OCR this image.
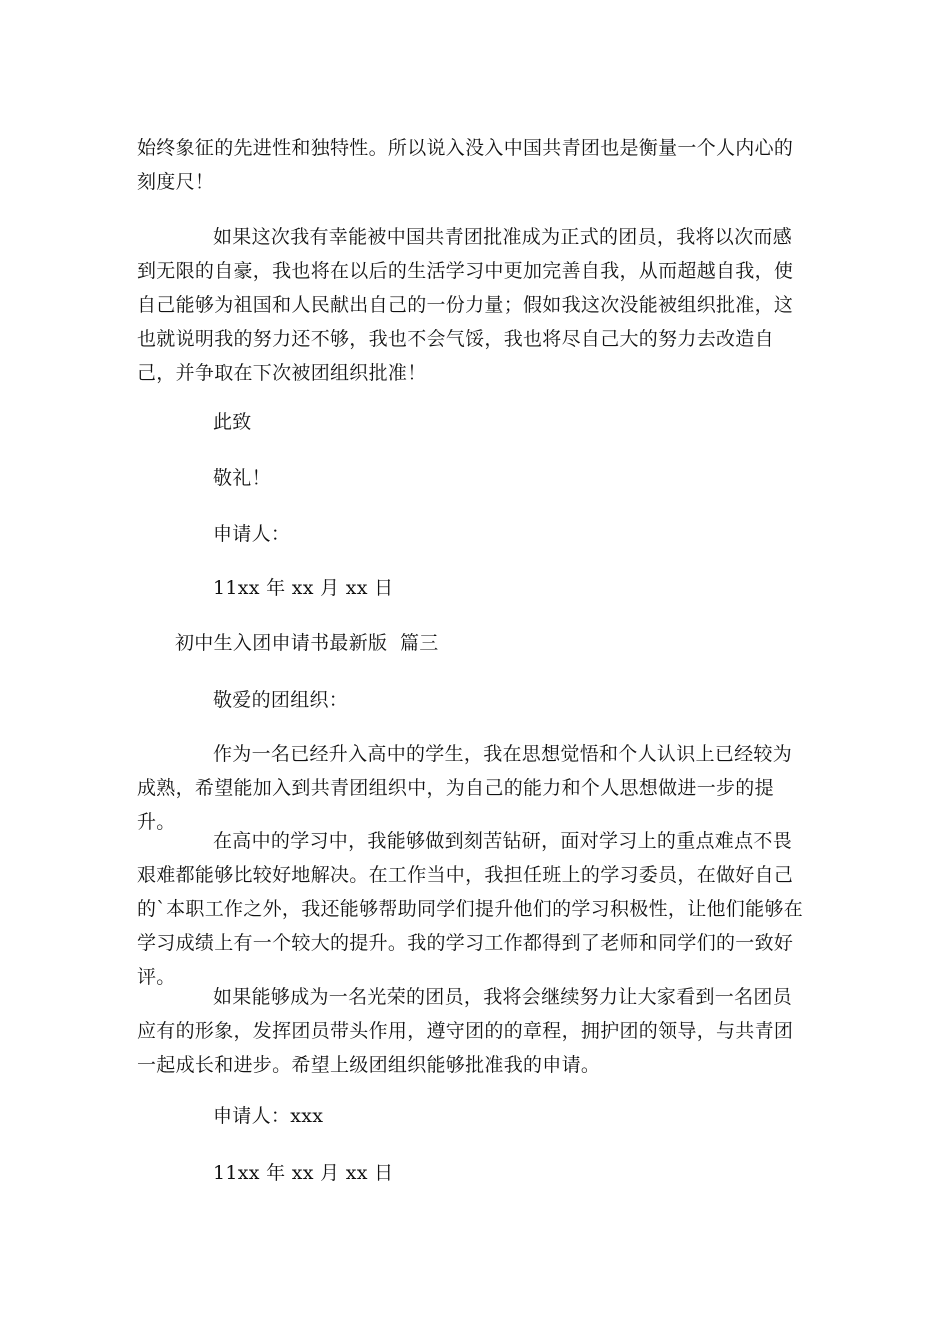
始终象征的先进性和独特性。所以说入没入中国共青团也是衡量一个人内心的刻度尺！

如果这次我有幸能被中国共青团批准成为正式的团员，我将以次而感到无限的自豪，我也将在以后的生活学习中更加完善自我，从而超越自我，使自己能够为祖国和人民献出自己的一份力量；假如我这次没能被组织批准，这也就说明我的努力还不够，我也不会气馁，我也将尽自己大的努力去改造自己，并争取在下次被团组织批准！

此致

敬礼！

申请人：

11xx 年 xx 月 xx 日

初中生入团申请书最新版  篇三

敬爱的团组织：

作为一名已经升入高中的学生，我在思想觉悟和个人认识上已经较为成熟，希望能加入到共青团组织中，为自己的能力和个人思想做进一步的提升。

在高中的学习中，我能够做到刻苦钻研，面对学习上的重点难点不畏艰难都能够比较好地解决。在工作当中，我担任班上的学习委员，在做好自己的`本职工作之外，我还能够帮助同学们提升他们的学习积极性，让他们能够在学习成绩上有一个较大的提升。我的学习工作都得到了老师和同学们的一致好评。

如果能够成为一名光荣的团员，我将会继续努力让大家看到一名团员应有的形象，发挥团员带头作用，遵守团的的章程，拥护团的领导，与共青团一起成长和进步。希望上级团组织能够批准我的申请。

申请人：xxx

11xx 年 xx 月 xx 日
